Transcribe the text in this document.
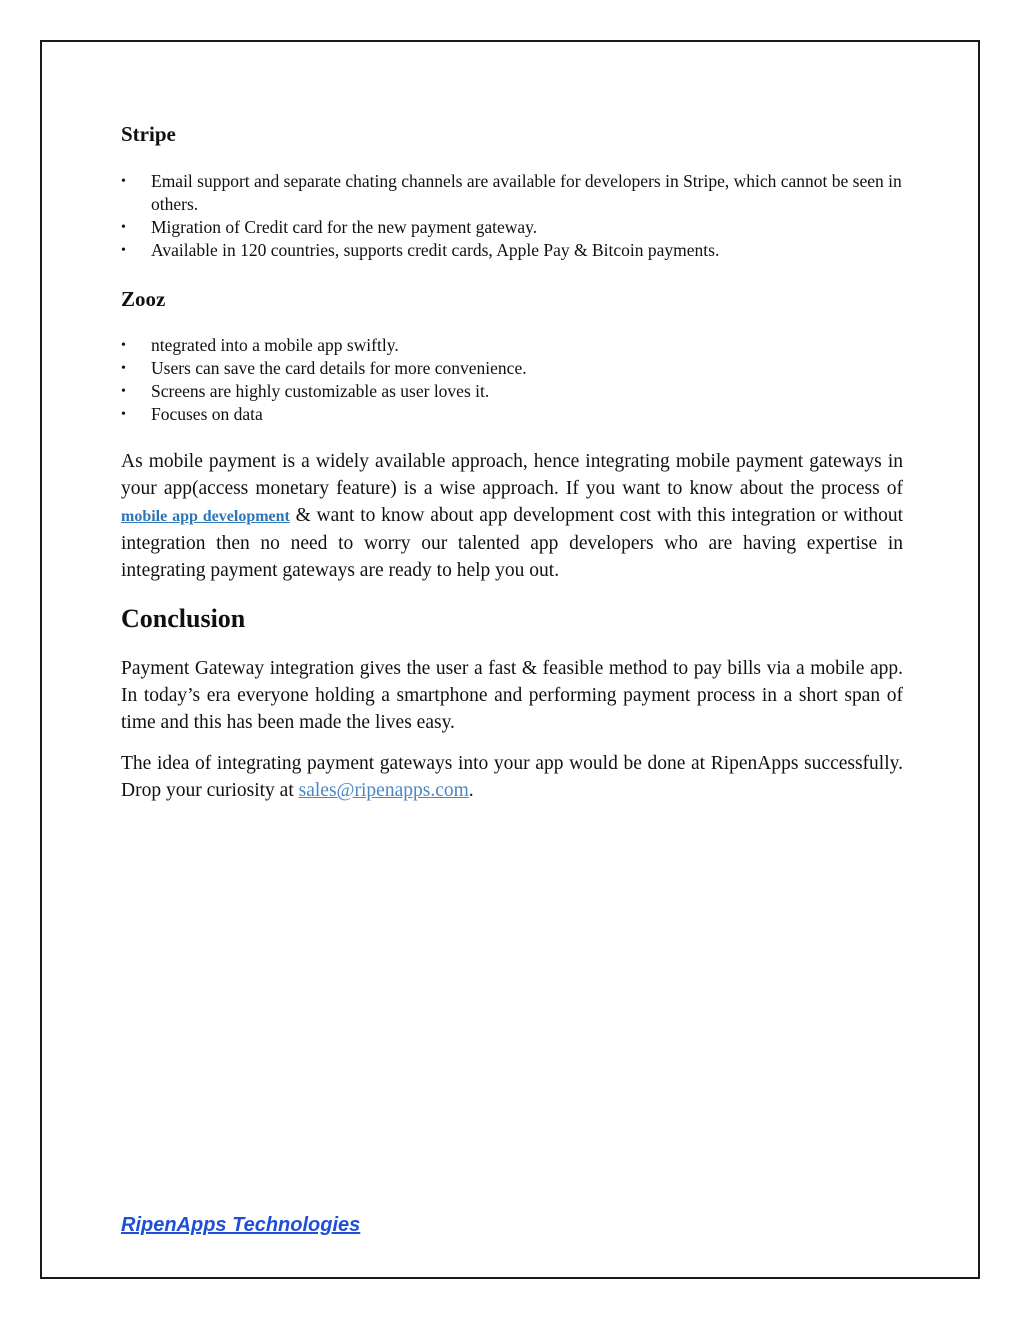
Stripe
• Email support and separate chating channels are available for developers in Stripe, which cannot be seen in others.
• Migration of Credit card for the new payment gateway.
• Available in 120 countries, supports credit cards, Apple Pay & Bitcoin payments.
Zooz
• ntegrated into a mobile app swiftly.
• Users can save the card details for more convenience.
• Screens are highly customizable as user loves it.
• Focuses on data

As mobile payment is a widely available approach, hence integrating mobile payment gateways in your app(access monetary feature) is a wise approach. If you want to know about the process of mobile app development & want to know about app development cost with this integration or without integration then no need to worry our talented app developers who are having expertise in integrating payment gateways are ready to help you out.

Conclusion

Payment Gateway integration gives the user a fast & feasible method to pay bills via a mobile app. In today’s era everyone holding a smartphone and performing payment process in a short span of time and this has been made the lives easy.

The idea of integrating payment gateways into your app would be done at RipenApps successfully. Drop your curiosity at sales@ripenapps.com.

RipenApps Technologies
